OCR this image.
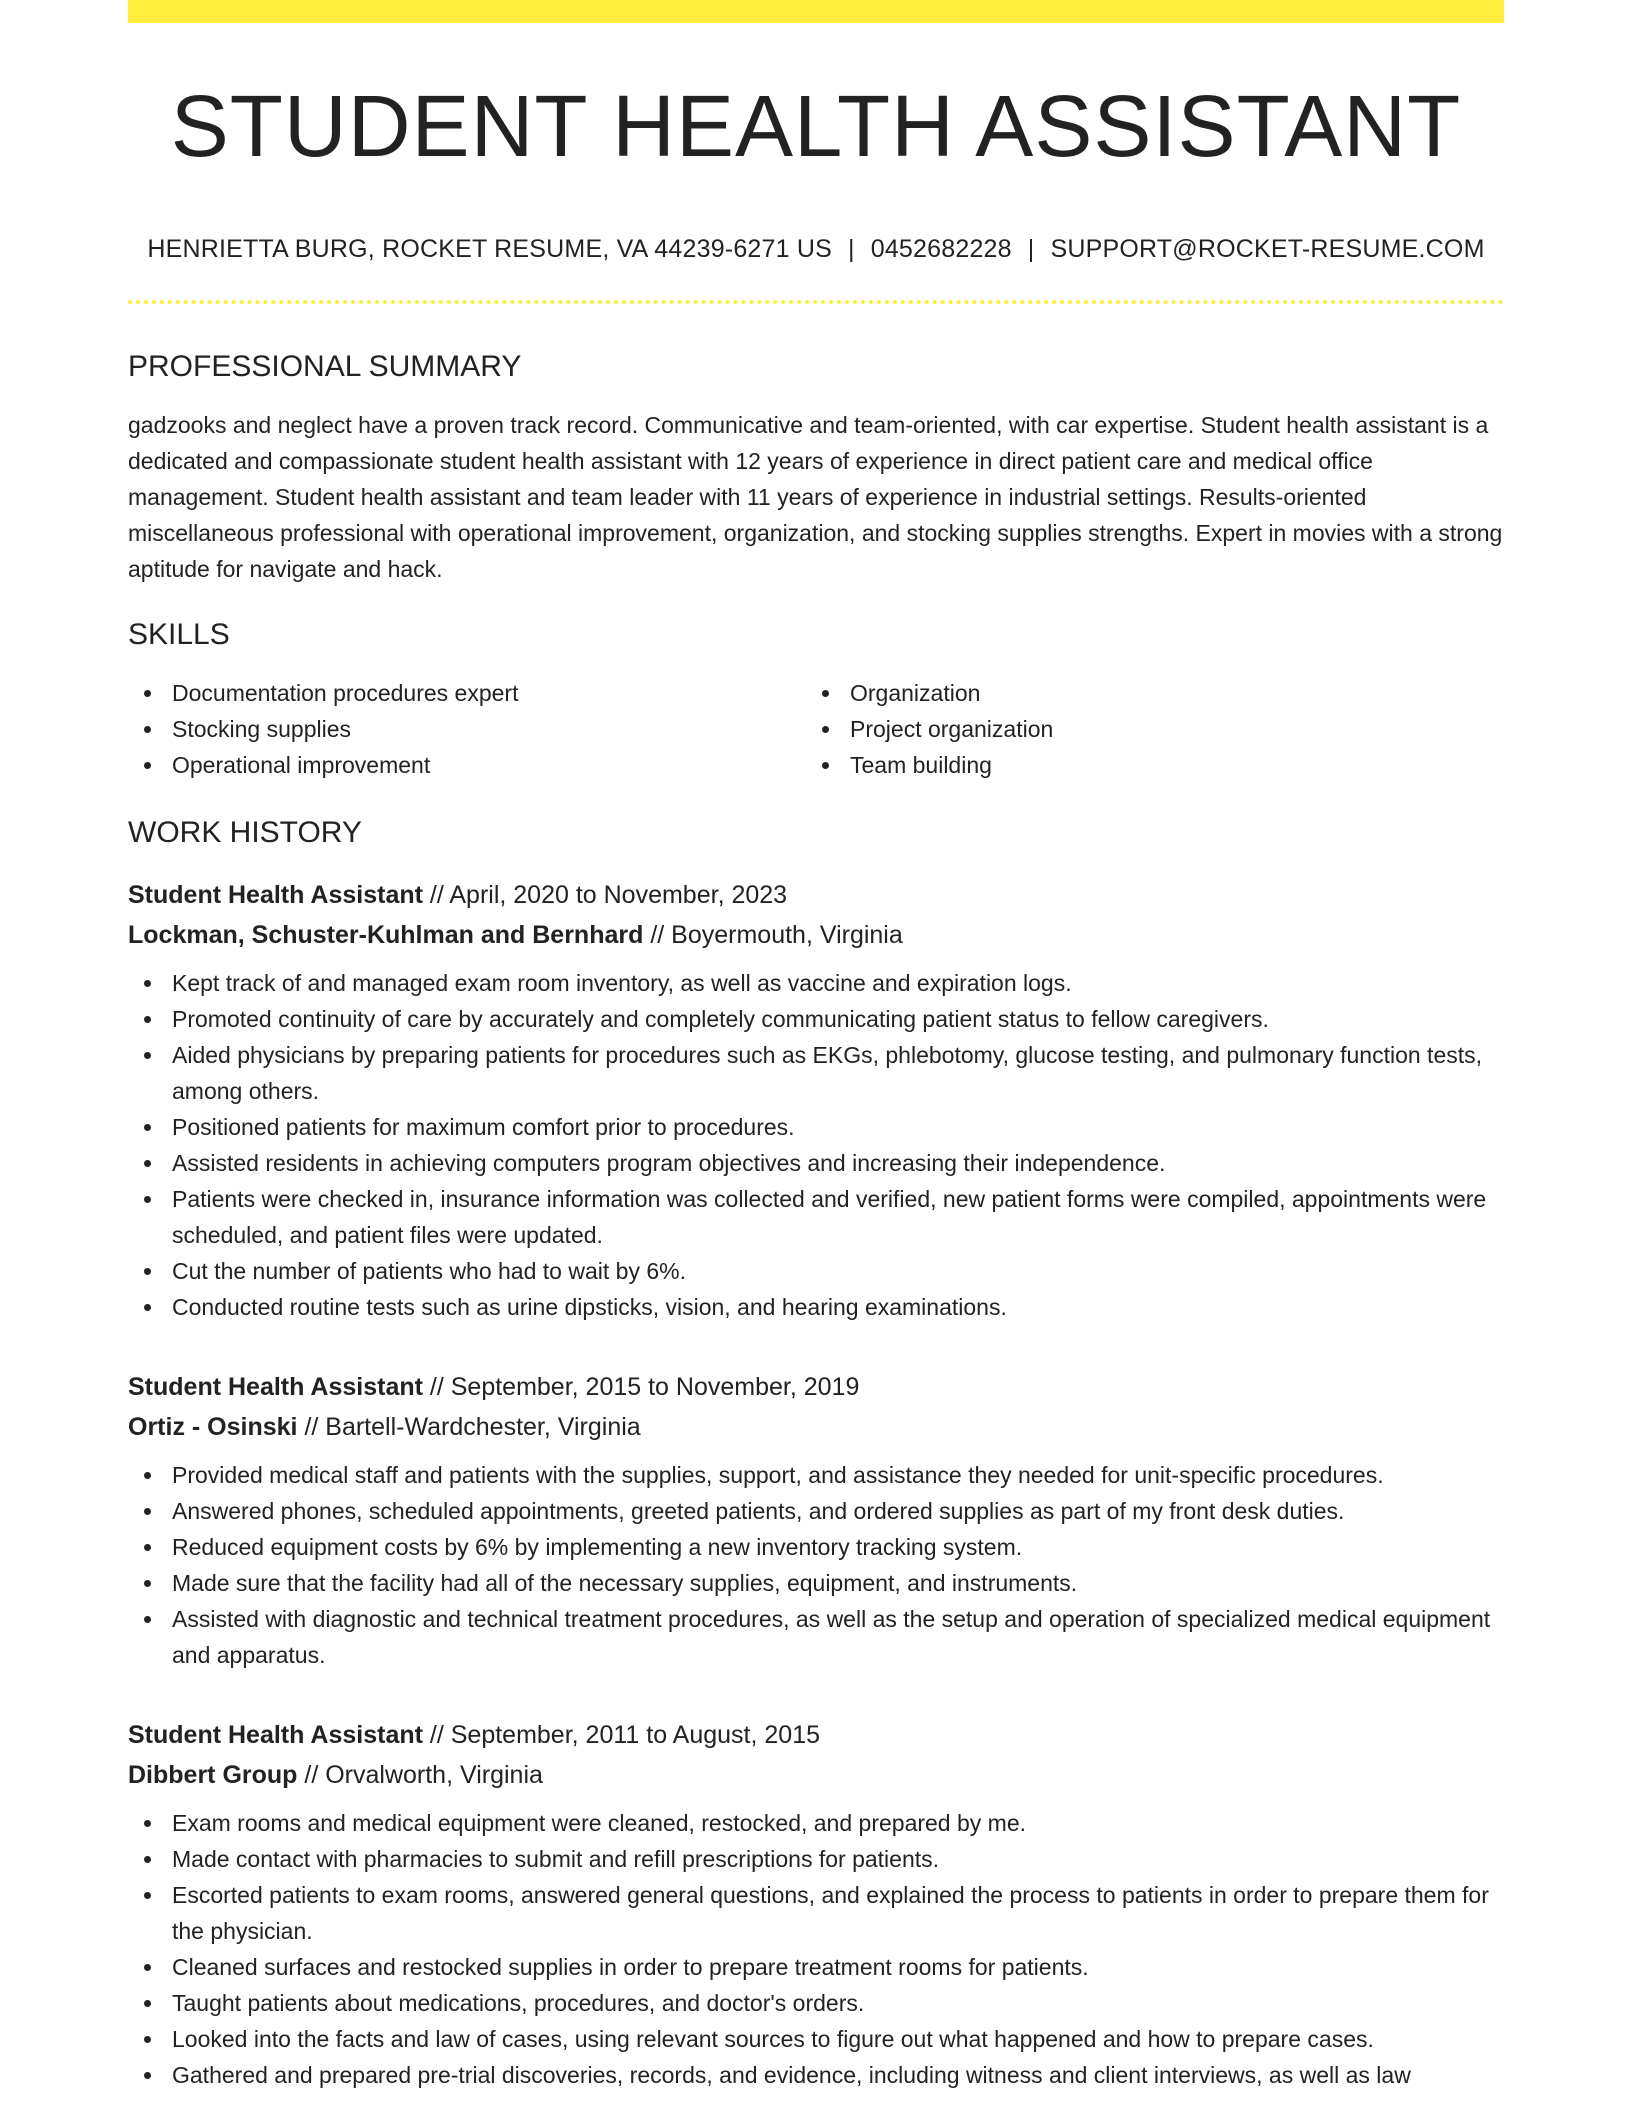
STUDENT HEALTH ASSISTANT
HENRIETTA BURG, ROCKET RESUME, VA 44239-6271 US | 0452682228 | SUPPORT@ROCKET-RESUME.COM
PROFESSIONAL SUMMARY

gadzooks and neglect have a proven track record. Communicative and team-oriented, with car expertise. Student health assistant is a dedicated and compassionate student health assistant with 12 years of experience in direct patient care and medical office management. Student health assistant and team leader with 11 years of experience in industrial settings. Results-oriented miscellaneous professional with operational improvement, organization, and stocking supplies strengths. Expert in movies with a strong aptitude for navigate and hack.

SKILLS
Documentation procedures expert
Stocking supplies
Operational improvement
Organization
Project organization
Team building
WORK HISTORY
Student Health Assistant // April, 2020 to November, 2023
Lockman, Schuster-Kuhlman and Bernhard // Boyermouth, Virginia
Kept track of and managed exam room inventory, as well as vaccine and expiration logs.
Promoted continuity of care by accurately and completely communicating patient status to fellow caregivers.
Aided physicians by preparing patients for procedures such as EKGs, phlebotomy, glucose testing, and pulmonary function tests, among others.
Positioned patients for maximum comfort prior to procedures.
Assisted residents in achieving computers program objectives and increasing their independence.
Patients were checked in, insurance information was collected and verified, new patient forms were compiled, appointments were scheduled, and patient files were updated.
Cut the number of patients who had to wait by 6%.
Conducted routine tests such as urine dipsticks, vision, and hearing examinations.
Student Health Assistant // September, 2015 to November, 2019
Ortiz - Osinski // Bartell-Wardchester, Virginia
Provided medical staff and patients with the supplies, support, and assistance they needed for unit-specific procedures.
Answered phones, scheduled appointments, greeted patients, and ordered supplies as part of my front desk duties.
Reduced equipment costs by 6% by implementing a new inventory tracking system.
Made sure that the facility had all of the necessary supplies, equipment, and instruments.
Assisted with diagnostic and technical treatment procedures, as well as the setup and operation of specialized medical equipment and apparatus.
Student Health Assistant // September, 2011 to August, 2015
Dibbert Group // Orvalworth, Virginia
Exam rooms and medical equipment were cleaned, restocked, and prepared by me.
Made contact with pharmacies to submit and refill prescriptions for patients.
Escorted patients to exam rooms, answered general questions, and explained the process to patients in order to prepare them for the physician.
Cleaned surfaces and restocked supplies in order to prepare treatment rooms for patients.
Taught patients about medications, procedures, and doctor's orders.
Looked into the facts and law of cases, using relevant sources to figure out what happened and how to prepare cases.
Gathered and prepared pre-trial discoveries, records, and evidence, including witness and client interviews, as well as law
